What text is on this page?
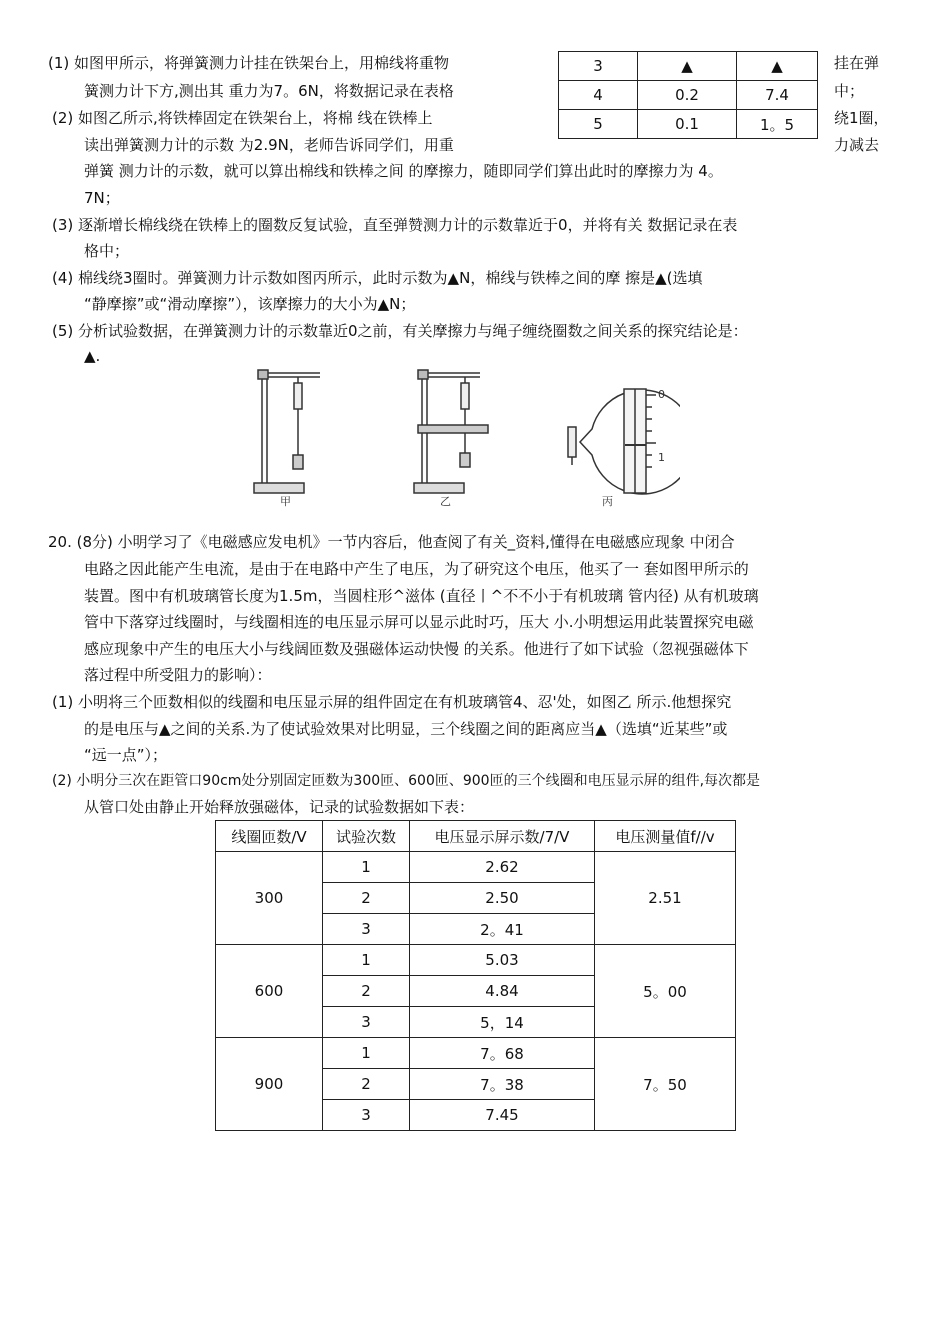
(1) 如图甲所示，将弹簧测力计挂在铁架台上，用棉线将重物
簧测力计下方,测出其 重力为7。6N，将数据记录在表格
(2) 如图乙所示,将铁棒固定在铁架台上，将棉 线在铁棒上
读出弹簧测力计的示数 为2.9N，老师告诉同学们，用重
3	▲	▲
4	0.2	7.4
5	0.1	1。5
挂在弹
中；
绕1圈，
力减去
弹簧 测力计的示数，就可以算出棉线和铁棒之间 的摩擦力，随即同学们算出此时的摩擦力为 4。
7N；
(3) 逐渐增长棉线绕在铁棒上的圈数反复试验，直至弹赞测力计的示数靠近于0，并将有关 数据记录在表
格中；
(4) 棉线绕3圈时。弹簧测力计示数如图丙所示，此时示数为▲N，棉线与铁棒之间的摩 擦是▲(选填
“静摩擦”或“滑动摩擦”），该摩擦力的大小为▲N；
(5) 分析试验数据，在弹簧测力计的示数靠近0之前，有关摩擦力与绳子缠绕圈数之间关系的探究结论是：
▲.
甲	乙
0
1
丙
20. (8分) 小明学习了《电磁感应发电机》一节内容后，他查阅了有关_资料,懂得在电磁感应现象 中闭合
电路之因此能产生电流，是由于在电路中产生了电压，为了研究这个电压，他买了一 套如图甲所示的
装置。图中有机玻璃管长度为1.5m，当圆柱形^滋体 (直径丨^不不小于有机玻璃 管内径) 从有机玻璃
管中下落穿过线圈时，与线圈相连的电压显示屏可以显示此时巧，压大 小.小明想运用此装置探究电磁
感应现象中产生的电压大小与线阔匝数及强磁体运动快慢 的关系。他进行了如下试验（忽视强磁体下
落过程中所受阻力的影响）：
(1) 小明将三个匝数相似的线圈和电压显示屏的组件固定在有机玻璃管4、忍'处，如图乙 所示.他想探究
的是电压与▲之间的关系.为了使试验效果对比明显，三个线圈之间的距离应当▲（选填“近某些”或
“远一点”）；
(2) 小明分三次在距管口90cm处分别固定匝数为300匝、600匝、900匝的三个线圈和电压显示屏的组件,每次都是
从管口处由静止开始释放强磁体，记录的试验数据如下表：
线圈匝数/V	试验次数	电压显示屏示数/7/V	电压测量值f//v
300	1	2.62	2.51
	2	2.50	
	3	2。41	
600	1	5.03	5。00
	2	4.84	
	3	5，14	
900	1	7。68	7。50
	2	7。38	
	3	7.45	
